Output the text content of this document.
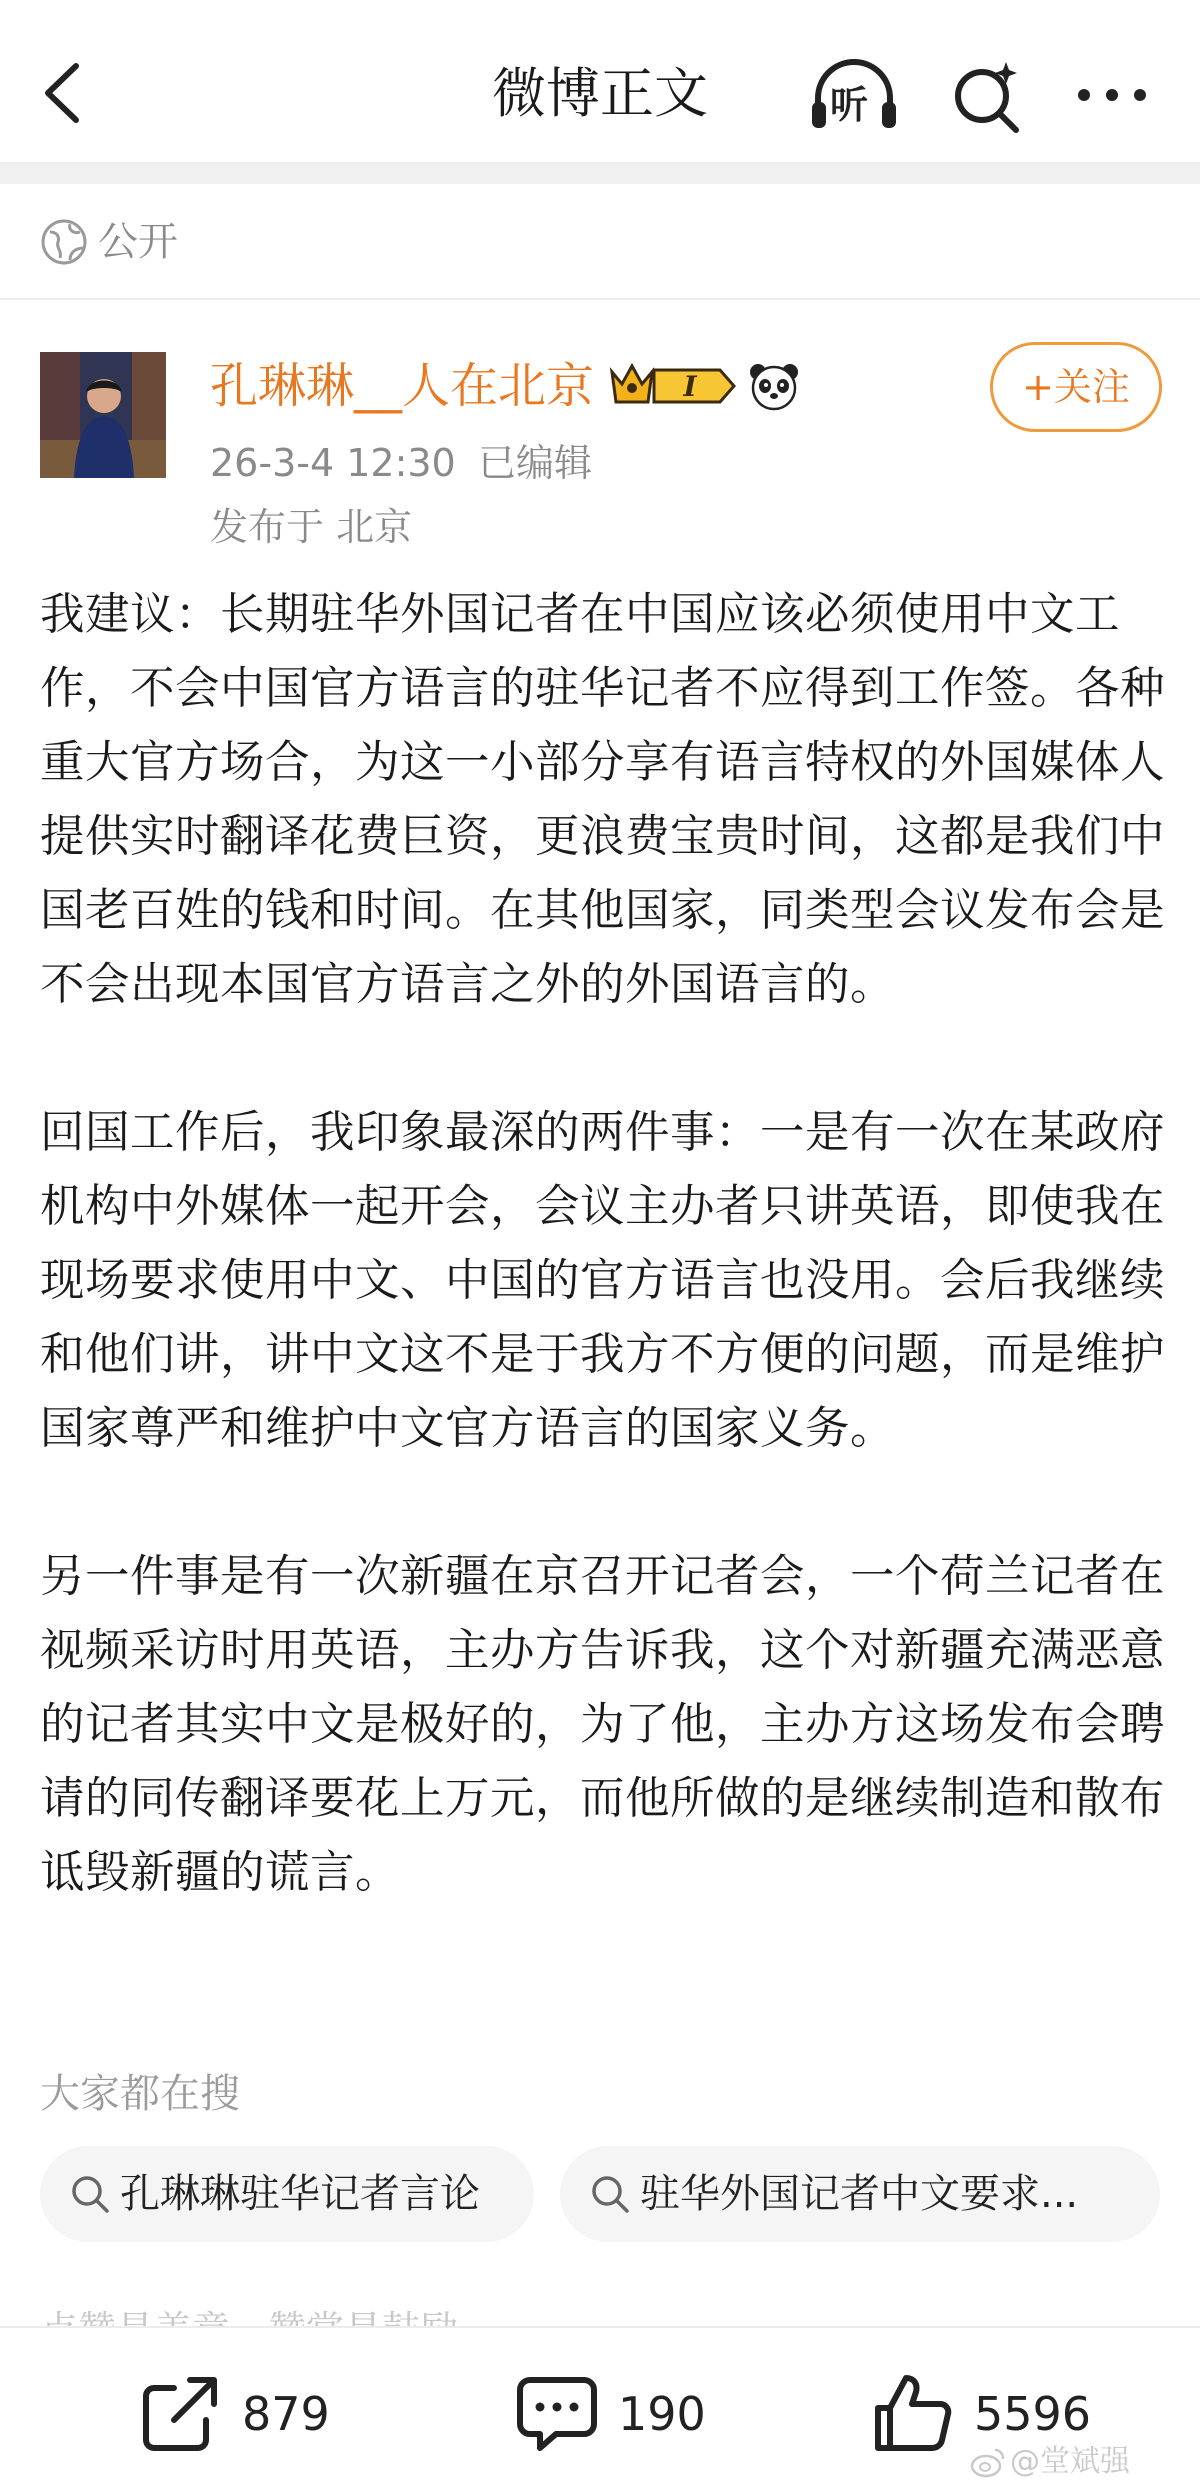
微博正文	听
公开
孔琳琳__人在北京	I	+关注
26-3-4 12:30 已编辑
发布于 北京

我建议：长期驻华外国记者在中国应该必须使用中文工作，不会中国官方语言的驻华记者不应得到工作签。各种重大官方场合，为这一小部分享有语言特权的外国媒体人提供实时翻译花费巨资，更浪费宝贵时间，这都是我们中国老百姓的钱和时间。在其他国家，同类型会议发布会是不会出现本国官方语言之外的外国语言的。

回国工作后，我印象最深的两件事：一是有一次在某政府机构中外媒体一起开会，会议主办者只讲英语，即使我在现场要求使用中文、中国的官方语言也没用。会后我继续和他们讲，讲中文这不是于我方不方便的问题，而是维护国家尊严和维护中文官方语言的国家义务。

另一件事是有一次新疆在京召开记者会，一个荷兰记者在视频采访时用英语，主办方告诉我，这个对新疆充满恶意的记者其实中文是极好的，为了他，主办方这场发布会聘请的同传翻译要花上万元，而他所做的是继续制造和散布诋毁新疆的谎言。

大家都在搜
孔琳琳驻华记者言论	驻华外国记者中文要求...
879	190	5596
@堂斌强
